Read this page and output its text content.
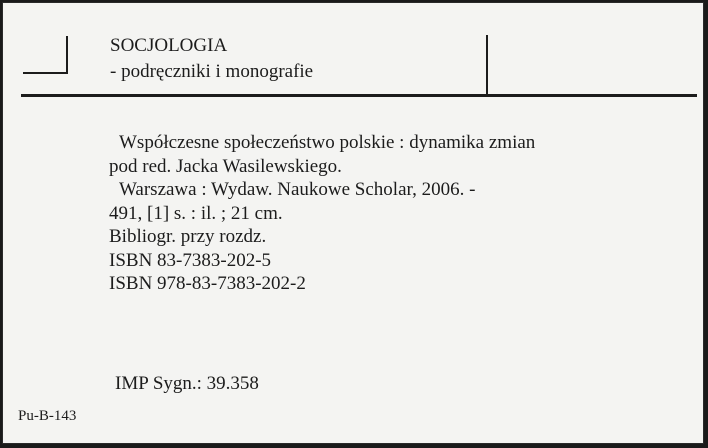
SOCJOLOGIA
- podręczniki i monografie
Współczesne społeczeństwo polskie : dynamika zmian
pod red. Jacka Wasilewskiego.
Warszawa : Wydaw. Naukowe Scholar, 2006. -
491, [1] s. : il. ; 21 cm.
Bibliogr. przy rozdz.
ISBN 83-7383-202-5
ISBN 978-83-7383-202-2
IMP Sygn.: 39.358
Pu-B-143
